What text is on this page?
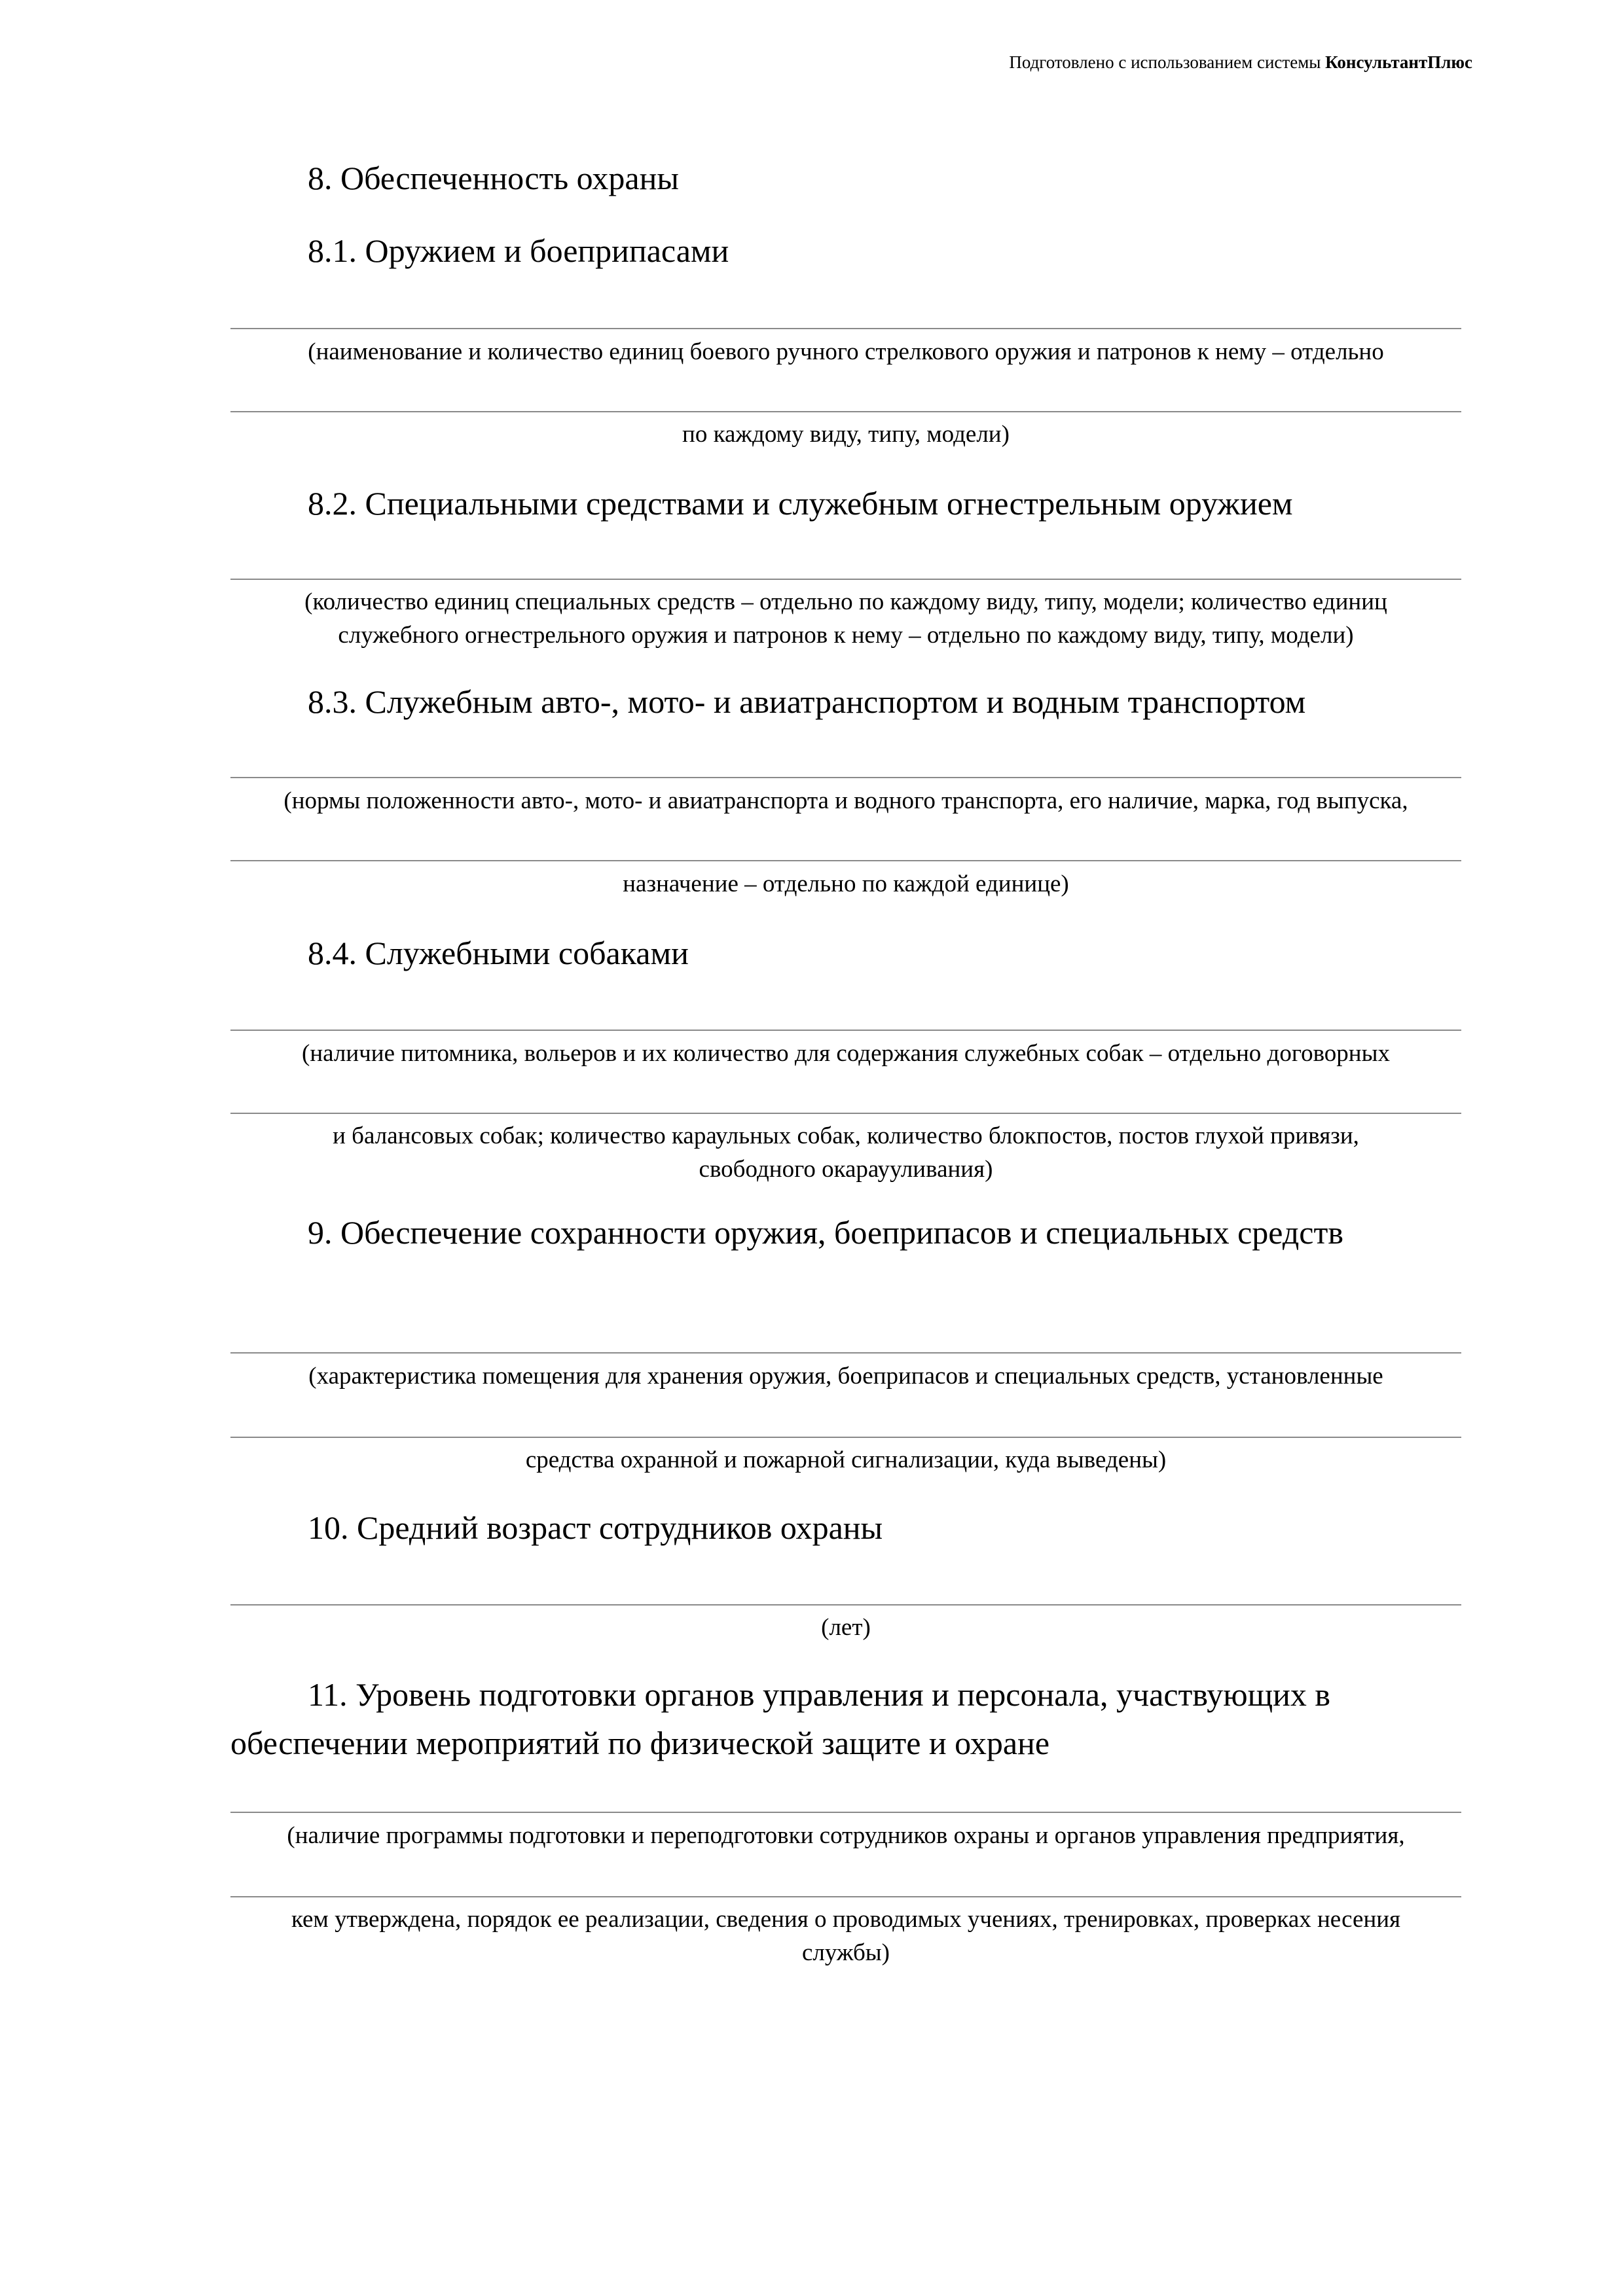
Подготовлено с использованием системы КонсультантПлюс
8. Обеспеченность охраны
8.1. Оружием и боеприпасами
(наименование и количество единиц боевого ручного стрелкового оружия и патронов к нему – отдельно
по каждому виду, типу, модели)
8.2. Специальными средствами и служебным огнестрельным оружием
(количество единиц специальных средств – отдельно по каждому виду, типу, модели; количество единиц
служебного огнестрельного оружия и патронов к нему – отдельно по каждому виду, типу, модели)
8.3. Служебным авто-, мото- и авиатранспортом и водным транспортом
(нормы положенности авто-, мото- и авиатранспорта и водного транспорта, его наличие, марка, год выпуска,
назначение – отдельно по каждой единице)
8.4. Служебными собаками
(наличие питомника, вольеров и их количество для содержания служебных собак – отдельно договорных
и балансовых собак; количество караульных собак, количество блокпостов, постов глухой привязи,
свободного окараууливания)
9. Обеспечение сохранности оружия, боеприпасов и специальных средств
(характеристика помещения для хранения оружия, боеприпасов и специальных средств, установленные
средства охранной и пожарной сигнализации, куда выведены)
10. Средний возраст сотрудников охраны
(лет)
11. Уровень подготовки органов управления и персонала, участвующих в обеспечении мероприятий по физической защите и охране
(наличие программы подготовки и переподготовки сотрудников охраны и органов управления предприятия,
кем утверждена, порядок ее реализации, сведения о проводимых учениях, тренировках, проверках несения
службы)
